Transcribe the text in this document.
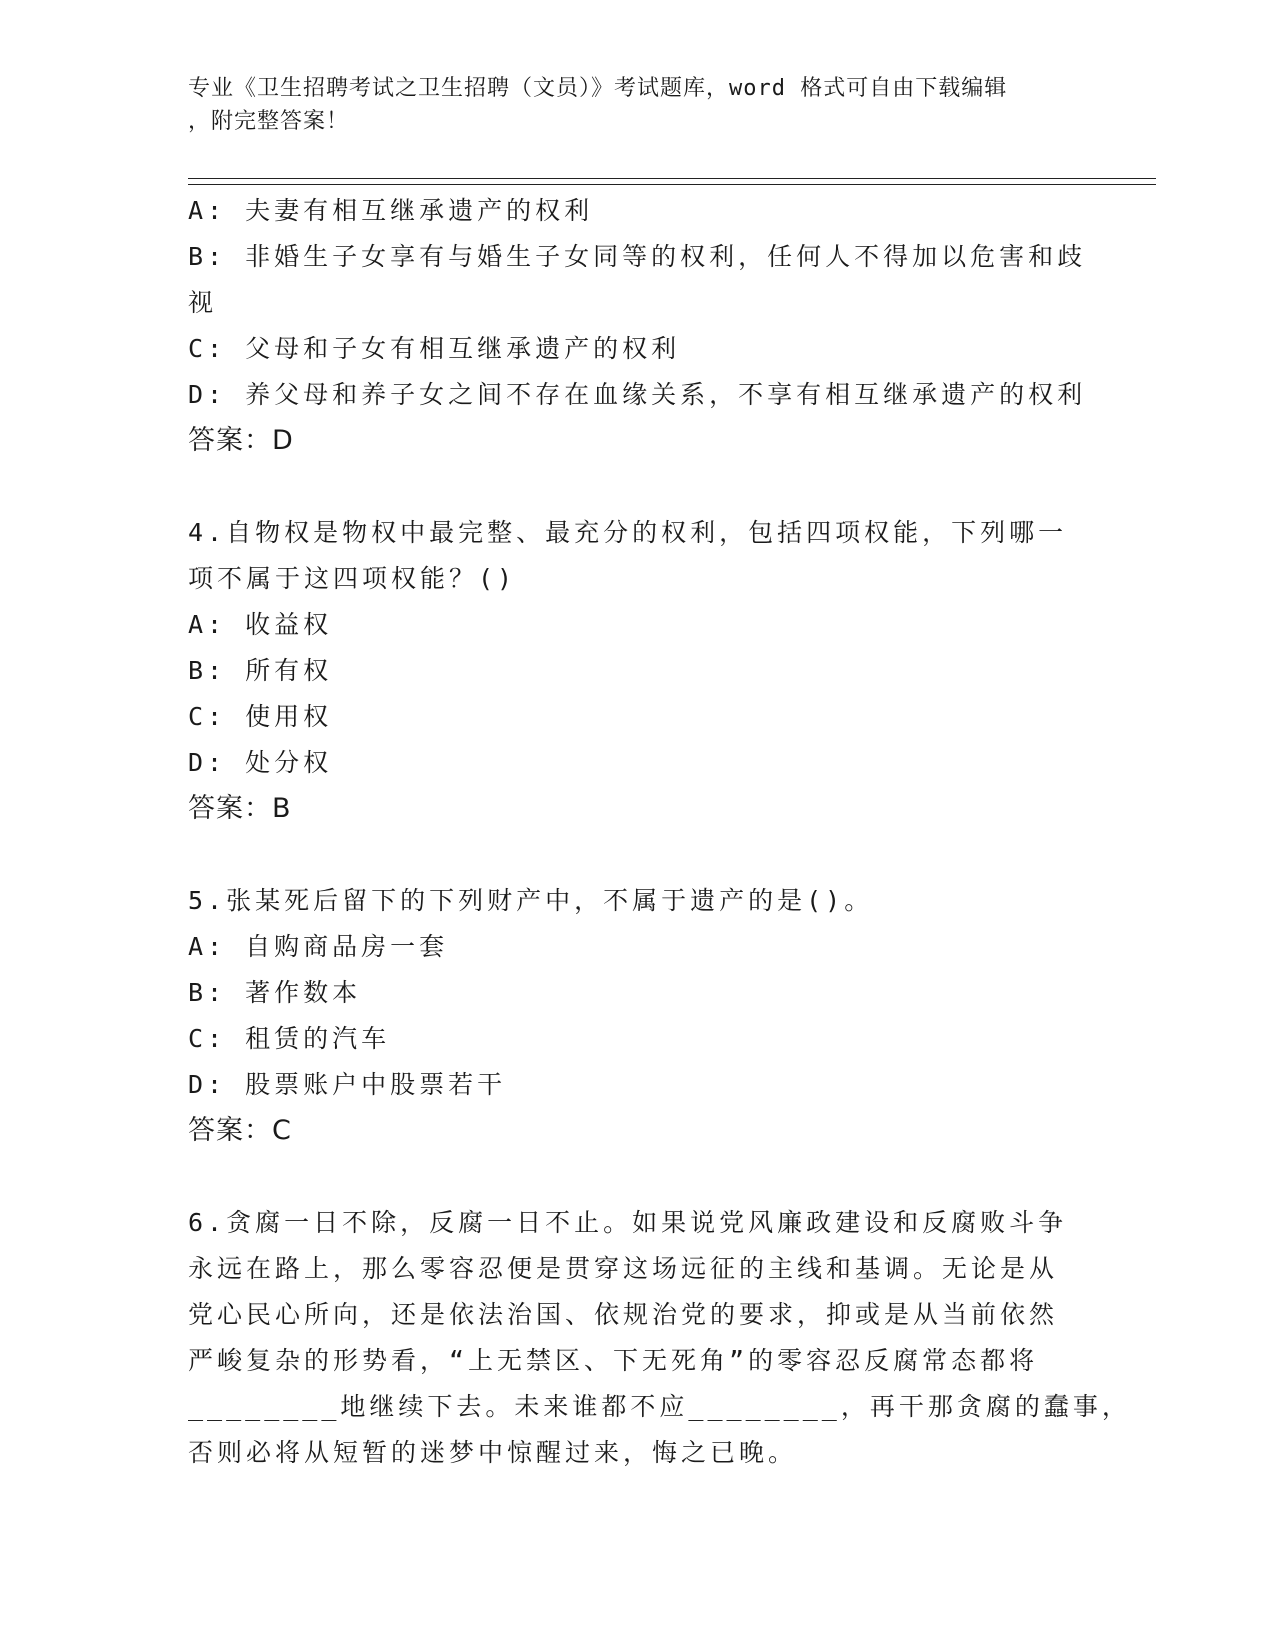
专业《卫生招聘考试之卫生招聘（文员）》考试题库，word 格式可自由下载编辑
，附完整答案！
A: 夫妻有相互继承遗产的权利
B: 非婚生子女享有与婚生子女同等的权利，任何人不得加以危害和歧
视
C: 父母和子女有相互继承遗产的权利
D: 养父母和养子女之间不存在血缘关系，不享有相互继承遗产的权利
答案：D
4.自物权是物权中最完整、最充分的权利，包括四项权能，下列哪一
项不属于这四项权能？()
A: 收益权
B: 所有权
C: 使用权
D: 处分权
答案：B
5.张某死后留下的下列财产中，不属于遗产的是()。
A: 自购商品房一套
B: 著作数本
C: 租赁的汽车
D: 股票账户中股票若干
答案：C
6.贪腐一日不除，反腐一日不止。如果说党风廉政建设和反腐败斗争
永远在路上，那么零容忍便是贯穿这场远征的主线和基调。无论是从
党心民心所向，还是依法治国、依规治党的要求，抑或是从当前依然
严峻复杂的形势看，“上无禁区、下无死角”的零容忍反腐常态都将
________地继续下去。未来谁都不应________，再干那贪腐的蠢事，
否则必将从短暂的迷梦中惊醒过来，悔之已晚。
